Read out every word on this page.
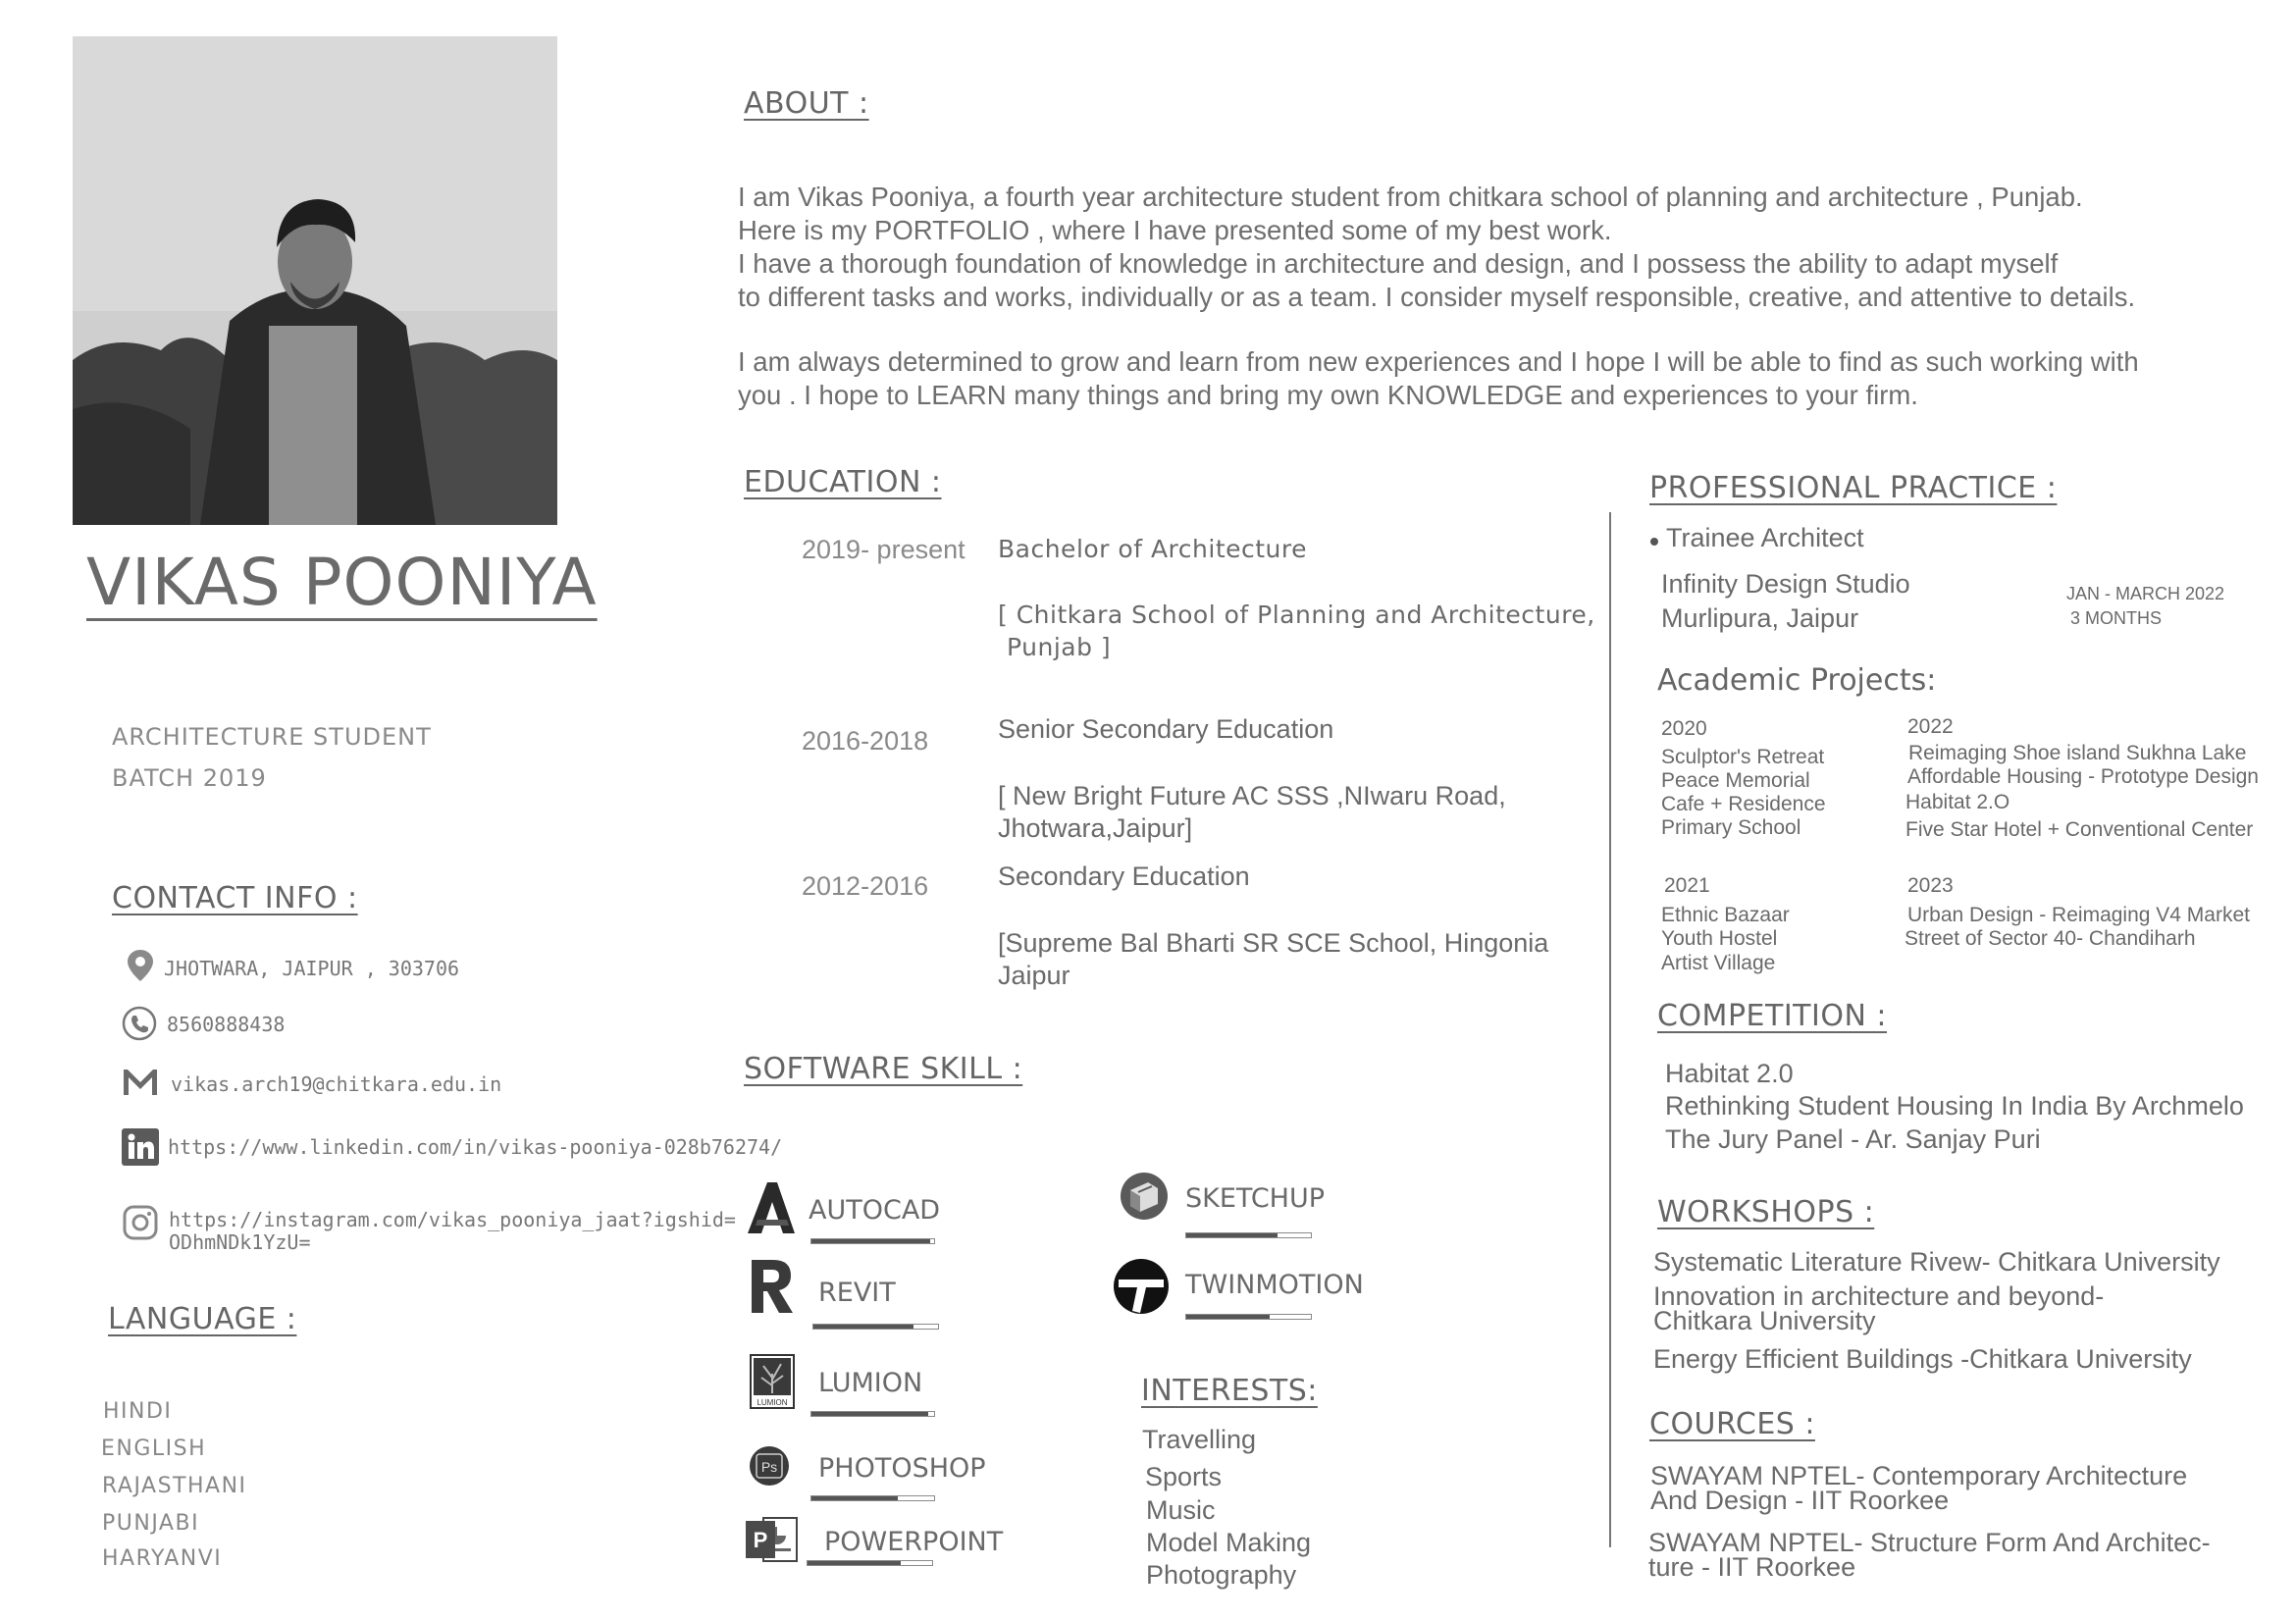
VIKAS POONIYA
ARCHITECTURE STUDENT
BATCH 2019
CONTACT INFO :
JHOTWARA, JAIPUR , 303706
8560888438
vikas.arch19@chitkara.edu.in
https://www.linkedin.com/in/vikas-pooniya-028b76274/
https://instagram.com/vikas_pooniya_jaat?igshid=
ODhmNDk1YzU=
LANGUAGE :
HINDI
ENGLISH
RAJASTHANI
PUNJABI
HARYANVI
ABOUT :

I am Vikas Pooniya, a fourth year architecture student from chitkara school of planning and architecture , Punjab.

Here is my PORTFOLIO , where I have presented some of my best work.

I have a thorough foundation of knowledge in architecture and design, and I possess the ability to adapt myself

to different tasks and works, individually or as a team. I consider myself responsible, creative, and attentive to details.

I am always determined to grow and learn from new experiences and I hope I will be able to find as such working with

you . I hope to LEARN many things and bring my own KNOWLEDGE and experiences to your firm.

EDUCATION :
2019- present Bachelor of Architecture
[ Chitkara School of Planning and Architecture,
Punjab ]
2016-2018	Senior Secondary Education
[ New Bright Future AC SSS ,NIwaru Road,
Jhotwara,Jaipur]
2012-2016	Secondary Education
[Supreme Bal Bharti SR SCE School, Hingonia
Jaipur
SOFTWARE SKILL :
AUTOCAD
REVIT
LUMION
LUMION
Ps PHOTOSHOP
P POWERPOINT
SKETCHUP
TWINMOTION
INTERESTS:
Travelling
Sports
Music
Model Making
Photography
PROFESSIONAL PRACTICE :
Trainee Architect
Infinity Design Studio
Murlipura, Jaipur
JAN - MARCH 2022
3 MONTHS
Academic Projects:
2020
Sculptor's Retreat
Peace Memorial
Cafe + Residence
Primary School
2022
Reimaging Shoe island Sukhna Lake
Affordable Housing - Prototype Design
Habitat 2.O
Five Star Hotel + Conventional Center
2021
Ethnic Bazaar
Youth Hostel
Artist Village
2023
Urban Design - Reimaging V4 Market
Street of Sector 40- Chandiharh
COMPETITION :
Habitat 2.0
Rethinking Student Housing In India By Archmelo
The Jury Panel - Ar. Sanjay Puri
WORKSHOPS :
Systematic Literature Rivew- Chitkara University
Innovation in architecture and beyond-
Chitkara University
Energy Efficient Buildings -Chitkara University
COURCES :
SWAYAM NPTEL- Contemporary Architecture
And Design - IIT Roorkee
SWAYAM NPTEL- Structure Form And Architec-
ture - IIT Roorkee
